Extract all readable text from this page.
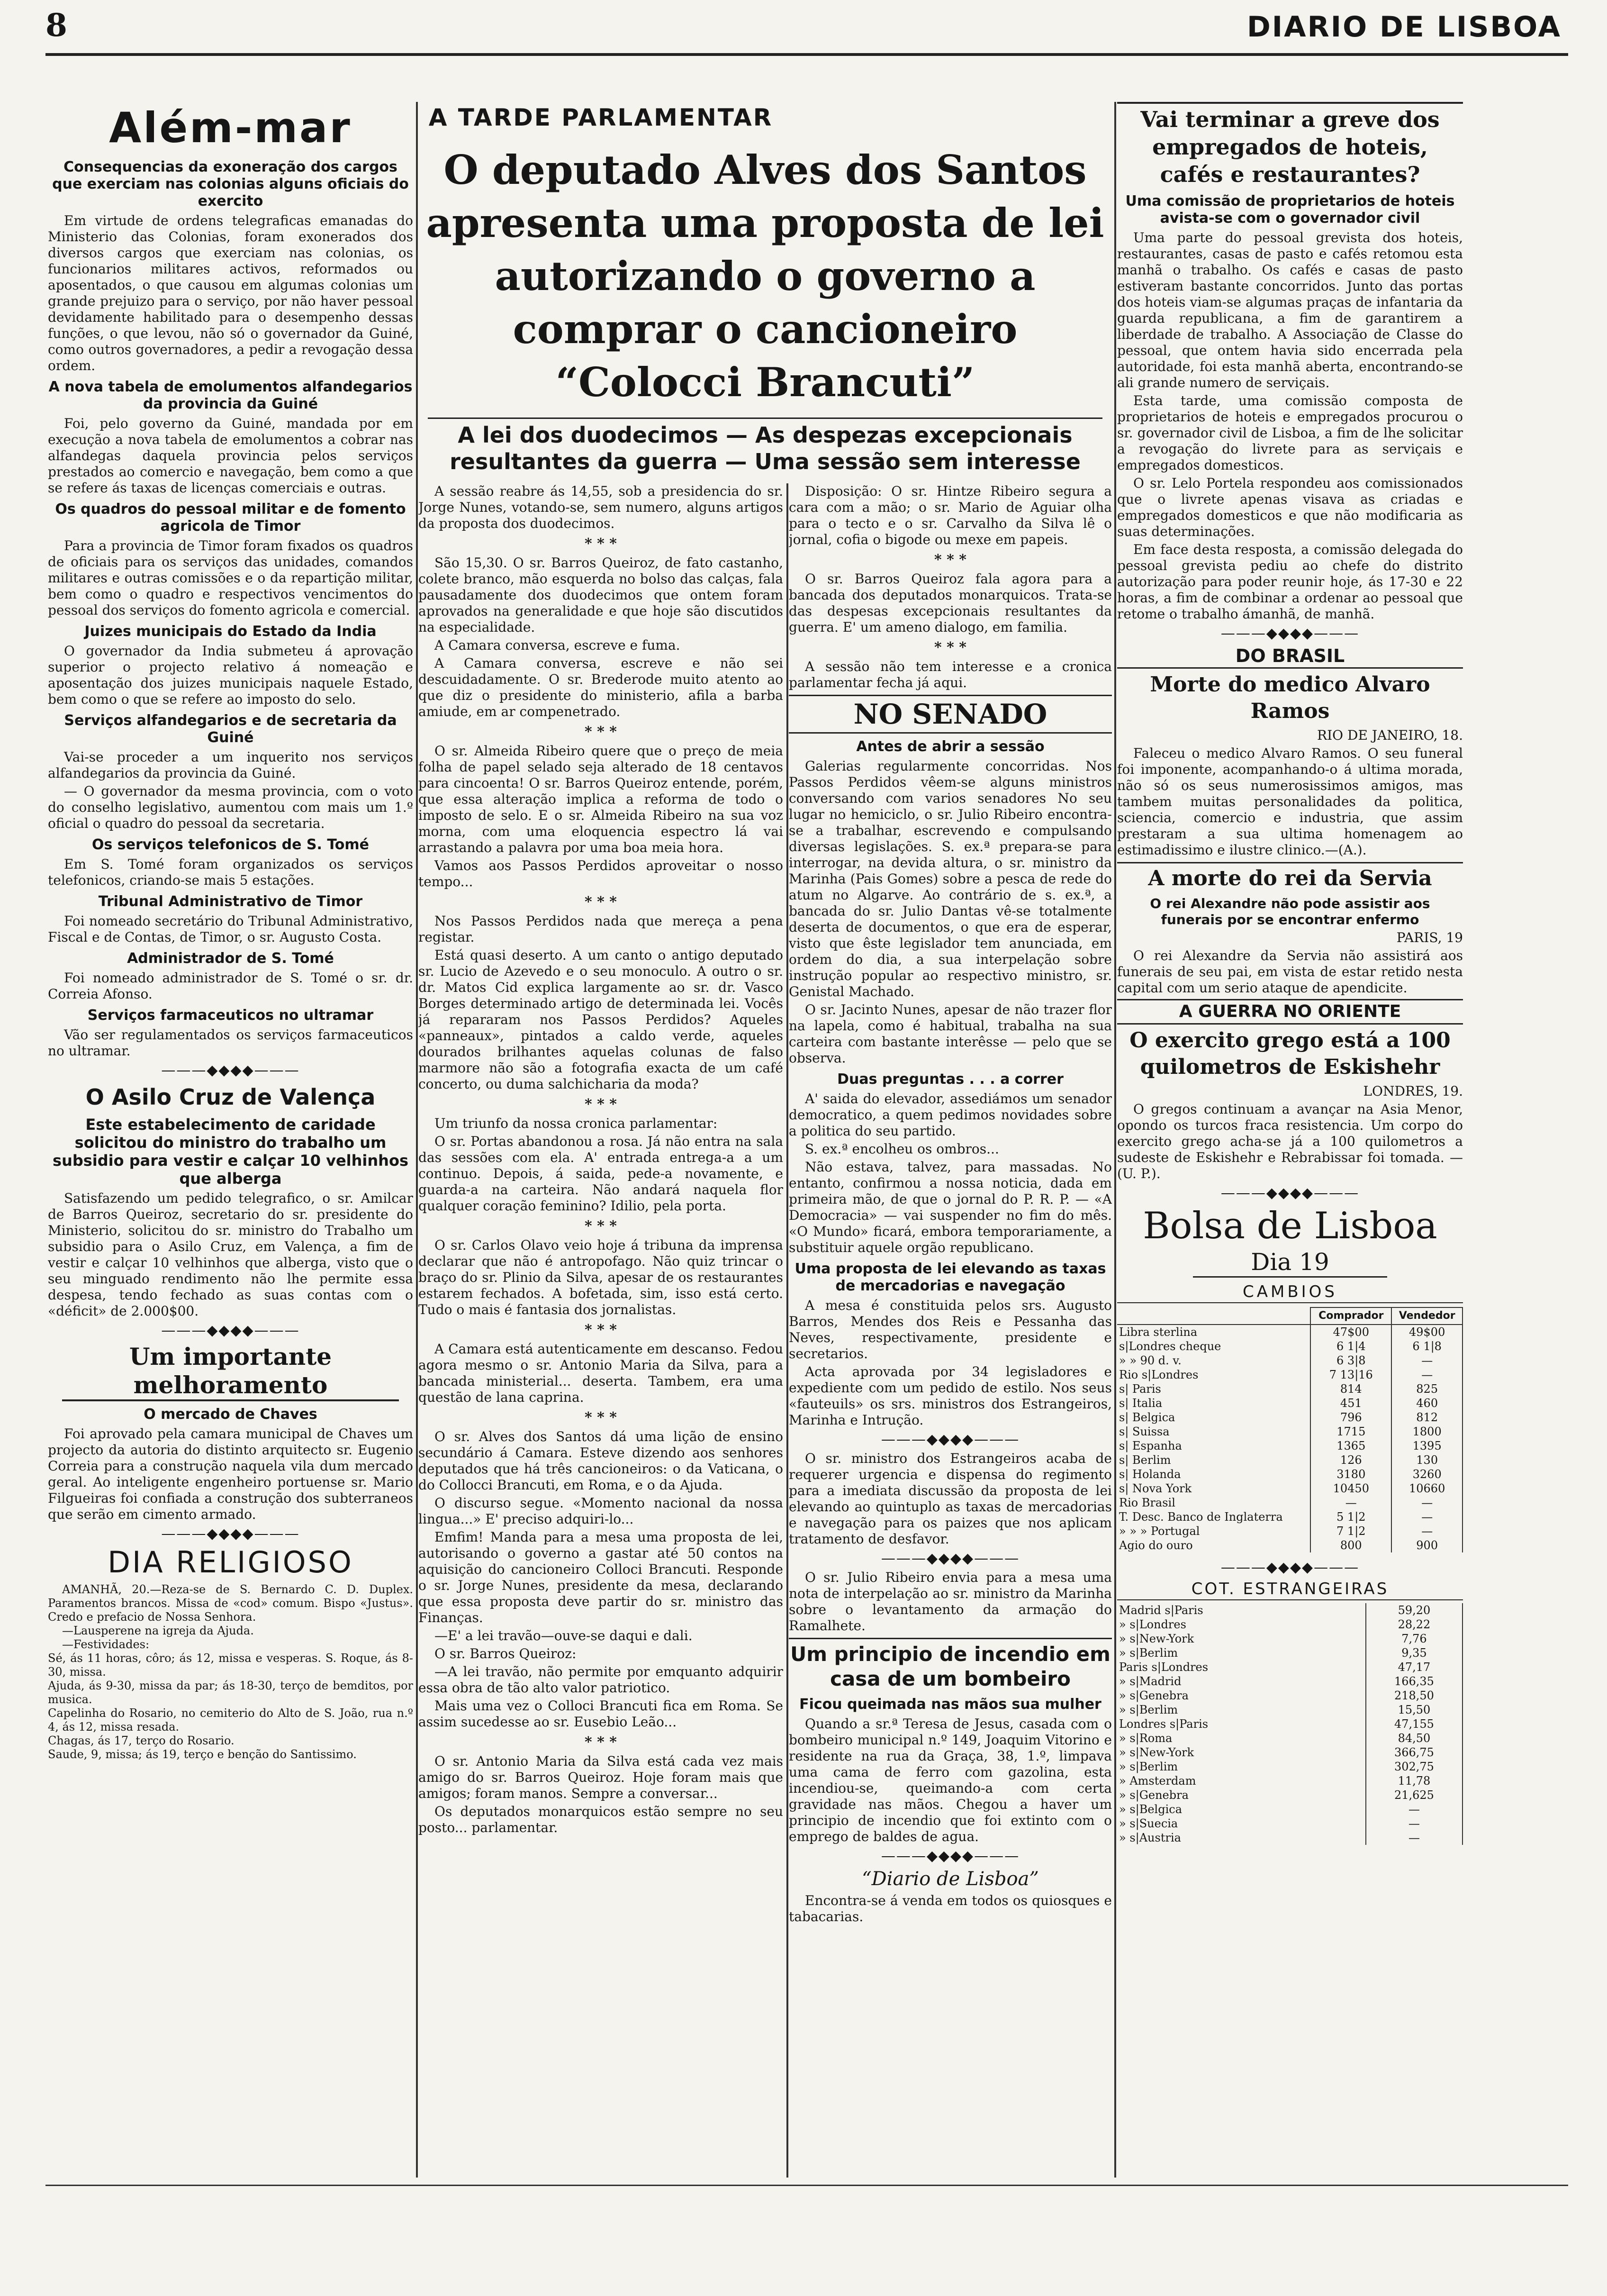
8	DIARIO DE LISBOA
Além-mar
Consequencias da exoneração dos cargos que exerciam nas colonias alguns oficiais do exercito

Em virtude de ordens telegraficas emanadas do Ministerio das Colonias, foram exonerados dos diversos cargos que exerciam nas colonias, os funcionarios militares activos, reformados ou aposentados, o que causou em algumas colonias um grande prejuizo para o serviço, por não haver pessoal devidamente habilitado para o desempenho dessas funções, o que levou, não só o governador da Guiné, como outros governadores, a pedir a revogação dessa ordem.

A nova tabela de emolumentos alfandegarios da provincia da Guiné

Foi, pelo governo da Guiné, mandada por em execução a nova tabela de emolumentos a cobrar nas alfandegas daquela provincia pelos serviços prestados ao comercio e navegação, bem como a que se refere ás taxas de licenças comerciais e outras.

Os quadros do pessoal militar e de fomento agricola de Timor

Para a provincia de Timor foram fixados os quadros de oficiais para os serviços das unidades, comandos militares e outras comissões e o da repartição militar, bem como o quadro e respectivos vencimentos do pessoal dos serviços do fomento agricola e comercial.

Juizes municipais do Estado da India

O governador da India submeteu á aprovação superior o projecto relativo á nomeação e aposentação dos juizes municipais naquele Estado, bem como o que se refere ao imposto do selo.

Serviços alfandegarios e de secretaria da Guiné

Vai-se proceder a um inquerito nos serviços alfandegarios da provincia da Guiné.

— O governador da mesma provincia, com o voto do conselho legislativo, aumentou com mais um 1.º oficial o quadro do pessoal da secretaria.

Os serviços telefonicos de S. Tomé

Em S. Tomé foram organizados os serviços telefonicos, criando-se mais 5 estações.

Tribunal Administrativo de Timor

Foi nomeado secretário do Tribunal Administrativo, Fiscal e de Contas, de Timor, o sr. Augusto Costa.

Administrador de S. Tomé

Foi nomeado administrador de S. Tomé o sr. dr. Correia Afonso.

Serviços farmaceuticos no ultramar

Vão ser regulamentados os serviços farmaceuticos no ultramar.

———◆◆◆◆———
O Asilo Cruz de Valença
Este estabelecimento de caridade solicitou do ministro do trabalho um subsidio para vestir e calçar 10 velhinhos que alberga

Satisfazendo um pedido telegrafico, o sr. Amilcar de Barros Queiroz, secretario do sr. presidente do Ministerio, solicitou do sr. ministro do Trabalho um subsidio para o Asilo Cruz, em Valença, a fim de vestir e calçar 10 velhinhos que alberga, visto que o seu minguado rendimento não lhe permite essa despesa, tendo fechado as suas contas com o «déficit» de 2.000$00.

———◆◆◆◆———
Um importante melhoramento
O mercado de Chaves

Foi aprovado pela camara municipal de Chaves um projecto da autoria do distinto arquitecto sr. Eugenio Correia para a construção naquela vila dum mercado geral. Ao inteligente engenheiro portuense sr. Mario Filgueiras foi confiada a construção dos subterraneos que serão em cimento armado.

———◆◆◆◆———
DIA RELIGIOSO

AMANHÃ, 20.—Reza-se de S. Bernardo C. D. Duplex. Paramentos brancos. Missa de «cod» comum. Bispo «Justus». Credo e prefacio de Nossa Senhora.

—Lausperene na igreja da Ajuda.

—Festividades:

Sé, ás 11 horas, côro; ás 12, missa e vesperas. S. Roque, ás 8-30, missa.

Ajuda, ás 9-30, missa da par; ás 18-30, terço de bemditos, por musica.

Capelinha do Rosario, no cemiterio do Alto de S. João, rua n.º 4, ás 12, missa resada.

Chagas, ás 17, terço do Rosario.

Saude, 9, missa; ás 19, terço e benção do Santissimo.

A TARDE PARLAMENTAR
O deputado Alves dos Santos apresenta uma proposta de lei autorizando o governo a comprar o cancioneiro “Colocci Brancuti”
A lei dos duodecimos — As despezas excepcionais resultantes da guerra — Uma sessão sem interesse

A sessão reabre ás 14,55, sob a presidencia do sr. Jorge Nunes, votando-se, sem numero, alguns artigos da proposta dos duodecimos.

* * *

São 15,30. O sr. Barros Queiroz, de fato castanho, colete branco, mão esquerda no bolso das calças, fala pausadamente dos duodecimos que ontem foram aprovados na generalidade e que hoje são discutidos na especialidade.

A Camara conversa, escreve e fuma.

A Camara conversa, escreve e não sei descuidadamente. O sr. Brederode muito atento ao que diz o presidente do ministerio, afila a barba amiude, em ar compenetrado.

* * *

O sr. Almeida Ribeiro quere que o preço de meia folha de papel selado seja alterado de 18 centavos para cincoenta! O sr. Barros Queiroz entende, porém, que essa alteração implica a reforma de todo o imposto de selo. E o sr. Almeida Ribeiro na sua voz morna, com uma eloquencia espectro lá vai arrastando a palavra por uma boa meia hora.

Vamos aos Passos Perdidos aproveitar o nosso tempo...

* * *

Nos Passos Perdidos nada que mereça a pena registar.

Está quasi deserto. A um canto o antigo deputado sr. Lucio de Azevedo e o seu monoculo. A outro o sr. dr. Matos Cid explica largamente ao sr. dr. Vasco Borges determinado artigo de determinada lei. Vocês já repararam nos Passos Perdidos? Aqueles «panneaux», pintados a caldo verde, aqueles dourados brilhantes aquelas colunas de falso marmore não são a fotografia exacta de um café concerto, ou duma salchicharia da moda?

* * *

Um triunfo da nossa cronica parlamentar:

O sr. Portas abandonou a rosa. Já não entra na sala das sessões com ela. A' entrada entrega-a a um continuo. Depois, á saida, pede-a novamente, e guarda-a na carteira. Não andará naquela flor qualquer coração feminino? Idilio, pela porta.

* * *

O sr. Carlos Olavo veio hoje á tribuna da imprensa declarar que não é antropofago. Não quiz trincar o braço do sr. Plinio da Silva, apesar de os restaurantes estarem fechados. A bofetada, sim, isso está certo. Tudo o mais é fantasia dos jornalistas.

* * *

A Camara está autenticamente em descanso. Fedou agora mesmo o sr. Antonio Maria da Silva, para a bancada ministerial... deserta. Tambem, era uma questão de lana caprina.

* * *

O sr. Alves dos Santos dá uma lição de ensino secundário á Camara. Esteve dizendo aos senhores deputados que há três cancioneiros: o da Vaticana, o do Collocci Brancuti, em Roma, e o da Ajuda.

O discurso segue. «Momento nacional da nossa lingua...» E' preciso adquiri-lo...

Emfim! Manda para a mesa uma proposta de lei, autorisando o governo a gastar até 50 contos na aquisição do cancioneiro Colloci Brancuti. Responde o sr. Jorge Nunes, presidente da mesa, declarando que essa proposta deve partir do sr. ministro das Finanças.

—E' a lei travão—ouve-se daqui e dali.

O sr. Barros Queiroz:

—A lei travão, não permite por emquanto adquirir essa obra de tão alto valor patriotico.

Mais uma vez o Colloci Brancuti fica em Roma. Se assim sucedesse ao sr. Eusebio Leão...

* * *

O sr. Antonio Maria da Silva está cada vez mais amigo do sr. Barros Queiroz. Hoje foram mais que amigos; foram manos. Sempre a conversar...

Os deputados monarquicos estão sempre no seu posto... parlamentar.

Disposição: O sr. Hintze Ribeiro segura a cara com a mão; o sr. Mario de Aguiar olha para o tecto e o sr. Carvalho da Silva lê o jornal, cofia o bigode ou mexe em papeis.

* * *

O sr. Barros Queiroz fala agora para a bancada dos deputados monarquicos. Trata-se das despesas excepcionais resultantes da guerra. E' um ameno dialogo, em familia.

* * *

A sessão não tem interesse e a cronica parlamentar fecha já aqui.

NO SENADO
Antes de abrir a sessão

Galerias regularmente concorridas. Nos Passos Perdidos vêem-se alguns ministros conversando com varios senadores No seu lugar no hemiciclo, o sr. Julio Ribeiro encontra-se a trabalhar, escrevendo e compulsando diversas legislações. S. ex.ª prepara-se para interrogar, na devida altura, o sr. ministro da Marinha (Pais Gomes) sobre a pesca de rede do atum no Algarve. Ao contrário de s. ex.ª, a bancada do sr. Julio Dantas vê-se totalmente deserta de documentos, o que era de esperar, visto que êste legislador tem anunciada, em ordem do dia, a sua interpelação sobre instrução popular ao respectivo ministro, sr. Genistal Machado.

O sr. Jacinto Nunes, apesar de não trazer flor na lapela, como é habitual, trabalha na sua carteira com bastante interêsse — pelo que se observa.

Duas preguntas . . . a correr

A' saida do elevador, assediámos um senador democratico, a quem pedimos novidades sobre a politica do seu partido.

S. ex.ª encolheu os ombros...

Não estava, talvez, para massadas. No entanto, confirmou a nossa noticia, dada em primeira mão, de que o jornal do P. R. P. — «A Democracia» — vai suspender no fim do mês. «O Mundo» ficará, embora temporariamente, a substituir aquele orgão republicano.

Uma proposta de lei elevando as taxas de mercadorias e navegação

A mesa é constituida pelos srs. Augusto Barros, Mendes dos Reis e Pessanha das Neves, respectivamente, presidente e secretarios.

Acta aprovada por 34 legisladores e expediente com um pedido de estilo. Nos seus «fauteuils» os srs. ministros dos Estrangeiros, Marinha e Intrução.

———◆◆◆◆———

O sr. ministro dos Estrangeiros acaba de requerer urgencia e dispensa do regimento para a imediata discussão da proposta de lei elevando ao quintuplo as taxas de mercadorias e navegação para os paizes que nos aplicam tratamento de desfavor.

———◆◆◆◆———

O sr. Julio Ribeiro envia para a mesa uma nota de interpelação ao sr. ministro da Marinha sobre o levantamento da armação do Ramalhete.

Um principio de incendio em casa de um bombeiro
Ficou queimada nas mãos sua mulher

Quando a sr.ª Teresa de Jesus, casada com o bombeiro municipal n.º 149, Joaquim Vitorino e residente na rua da Graça, 38, 1.º, limpava uma cama de ferro com gazolina, esta incendiou-se, queimando-a com certa gravidade nas mãos. Chegou a haver um principio de incendio que foi extinto com o emprego de baldes de agua.

———◆◆◆◆———
“Diario de Lisboa”

Encontra-se á venda em todos os quiosques e tabacarias.

Vai terminar a greve dos empregados de hoteis, cafés e restaurantes?
Uma comissão de proprietarios de hoteis avista-se com o governador civil

Uma parte do pessoal grevista dos hoteis, restaurantes, casas de pasto e cafés retomou esta manhã o trabalho. Os cafés e casas de pasto estiveram bastante concorridos. Junto das portas dos hoteis viam-se algumas praças de infantaria da guarda republicana, a fim de garantirem a liberdade de trabalho. A Associação de Classe do pessoal, que ontem havia sido encerrada pela autoridade, foi esta manhã aberta, encontrando-se ali grande numero de serviçais.

Esta tarde, uma comissão composta de proprietarios de hoteis e empregados procurou o sr. governador civil de Lisboa, a fim de lhe solicitar a revogação do livrete para as serviçais e empregados domesticos.

O sr. Lelo Portela respondeu aos comissionados que o livrete apenas visava as criadas e empregados domesticos e que não modificaria as suas determinações.

Em face desta resposta, a comissão delegada do pessoal grevista pediu ao chefe do distrito autorização para poder reunir hoje, ás 17-30 e 22 horas, a fim de combinar a ordenar ao pessoal que retome o trabalho ámanhã, de manhã.

———◆◆◆◆———
DO BRASIL
Morte do medico Alvaro Ramos
RIO DE JANEIRO, 18.

Faleceu o medico Alvaro Ramos. O seu funeral foi imponente, acompanhando-o á ultima morada, não só os seus numerosissimos amigos, mas tambem muitas personalidades da politica, sciencia, comercio e industria, que assim prestaram a sua ultima homenagem ao estimadissimo e ilustre clinico.—(A.).

A morte do rei da Servia
O rei Alexandre não pode assistir aos funerais por se encontrar enfermo
PARIS, 19

O rei Alexandre da Servia não assistirá aos funerais de seu pai, em vista de estar retido nesta capital com um serio ataque de apendicite.

A GUERRA NO ORIENTE
O exercito grego está a 100 quilometros de Eskishehr
LONDRES, 19.

O gregos continuam a avançar na Asia Menor, opondo os turcos fraca resistencia. Um corpo do exercito grego acha-se já a 100 quilometros a sudeste de Eskishehr e Rebrabissar foi tomada. — (U. P.).

———◆◆◆◆———
Bolsa de Lisboa
Dia 19
CAMBIOS
	Comprador	Vendedor
Libra sterlina	47$00	49$00
s|Londres cheque	6 1|4	6 1|8
» » 90 d. v.	6 3|8	—
Rio s|Londres	7 13|16	—
s| Paris	814	825
s| Italia	451	460
s| Belgica	796	812
s| Suissa	1715	1800
s| Espanha	1365	1395
s| Berlim	126	130
s| Holanda	3180	3260
s| Nova York	10450	10660
Rio Brasil	—	—
T. Desc. Banco de Inglaterra	5 1|2	—
» » » Portugal	7 1|2	—
Agio do ouro	800	900
———◆◆◆◆———
COT. ESTRANGEIRAS
Madrid s|Paris	59,20
» s|Londres	28,22
» s|New-York	7,76
» s|Berlim	9,35
Paris s|Londres	47,17
» s|Madrid	166,35
» s|Genebra	218,50
» s|Berlim	15,50
Londres s|Paris	47,155
» s|Roma	84,50
» s|New-York	366,75
» s|Berlim	302,75
» Amsterdam	11,78
» s|Genebra	21,625
» s|Belgica	—
» s|Suecia	—
» s|Austria	—
